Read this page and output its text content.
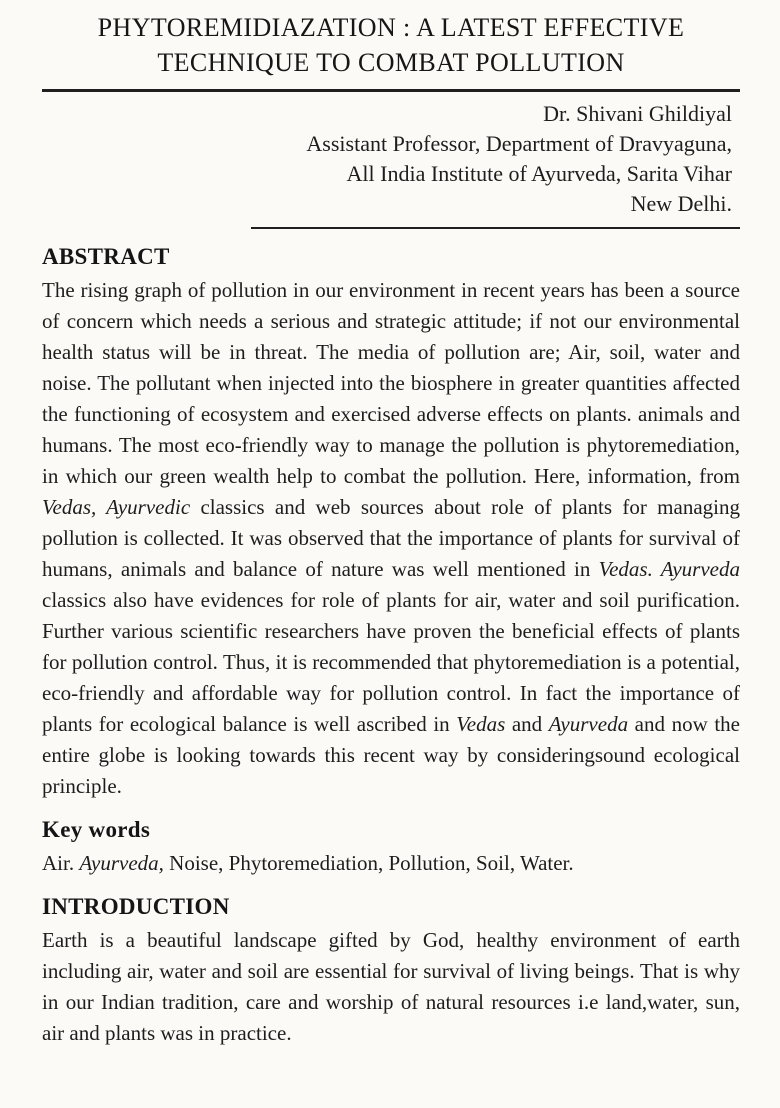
PHYTOREMIDIAZATION : A LATEST EFFECTIVE
TECHNIQUE TO COMBAT POLLUTION
Dr. Shivani Ghildiyal
Assistant Professor, Department of Dravyaguna,
All India Institute of Ayurveda, Sarita Vihar
New Delhi.
ABSTRACT

The rising graph of pollution in our environment in recent years has been a source of concern which needs a serious and strategic attitude; if not our environmental health status will be in threat. The media of pollution are; Air, soil, water and noise. The pollutant when injected into the biosphere in greater quantities affected the functioning of ecosystem and exercised adverse effects on plants. animals and humans. The most eco-friendly way to manage the pollution is phytoremediation, in which our green wealth help to combat the pollution. Here, information, from Vedas, Ayurvedic classics and web sources about role of plants for managing pollution is collected. It was observed that the importance of plants for survival of humans, animals and balance of nature was well mentioned in Vedas. Ayurveda classics also have evidences for role of plants for air, water and soil purification. Further various scientific researchers have proven the beneficial effects of plants for pollution control. Thus, it is recommended that phytoremediation is a potential, eco-friendly and affordable way for pollution control. In fact the importance of plants for ecological balance is well ascribed in Vedas and Ayurveda and now the entire globe is looking towards this recent way by consideringsound ecological principle.

Key words

Air. Ayurveda, Noise, Phytoremediation, Pollution, Soil, Water.

INTRODUCTION

Earth is a beautiful landscape gifted by God, healthy environment of earth including air, water and soil are essential for survival of living beings. That is why in our Indian tradition, care and worship of natural resources i.e land,water, sun, air and plants was in practice.
